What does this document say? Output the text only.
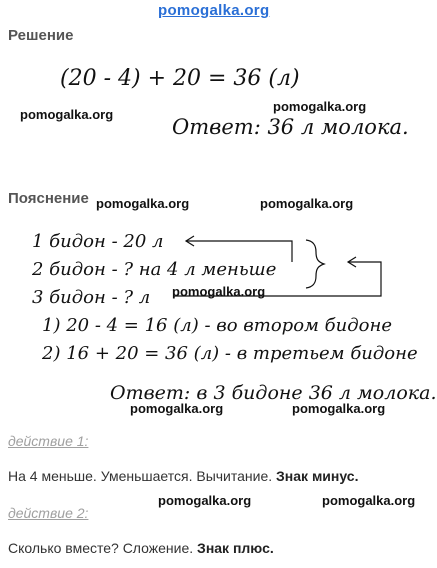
pomogalka.org
Решение
(20 - 4) + 20 = 36 (л)
pomogalka.org
pomogalka.org
Ответ: 36 л молока.
Пояснение pomogalka.org	pomogalka.org
1 бидон - 20 л
2 бидон - ? на 4 л меньше
3 бидон - ? л pomogalka.org
1) 20 - 4 = 16 (л) - во втором бидоне
2) 16 + 20 = 36 (л) - в третьем бидоне
Ответ: в 3 бидоне 36 л молока.
pomogalka.org	pomogalka.org
действие 1:
На 4 меньше. Уменьшается. Вычитание. Знак минус.
pomogalka.org	pomogalka.org
действие 2:
Сколько вместе? Сложение. Знак плюс.
